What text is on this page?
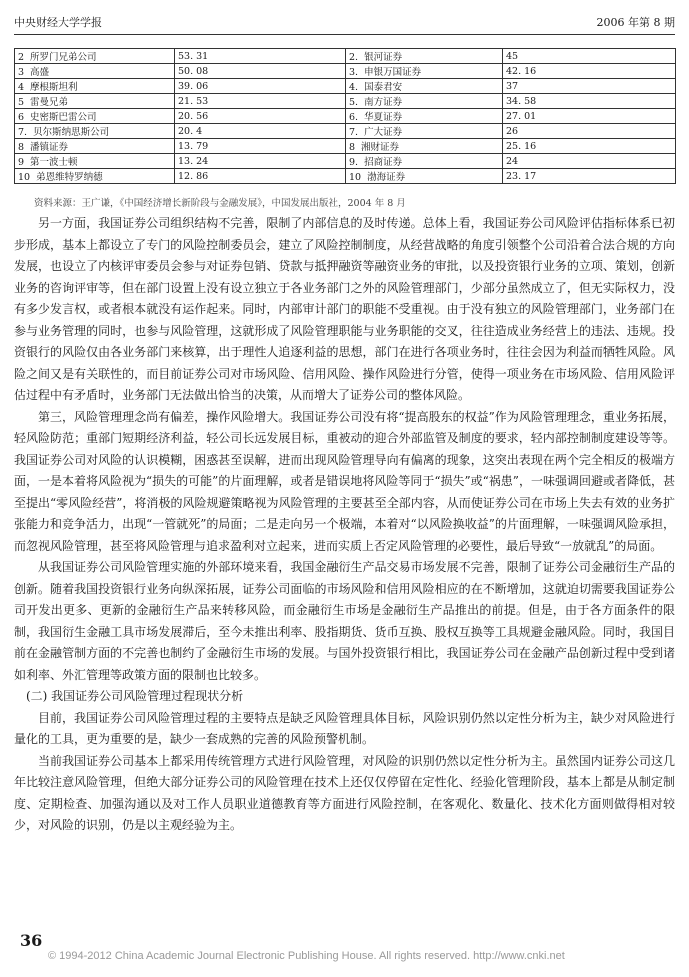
中央财经大学学报	2006 年第 8 期
2 所罗门兄弟公司	53. 31	2. 银河证券	45
3 高盛	50. 08	3. 申银万国证券	42. 16
4 摩根斯坦利	39. 06	4. 国泰君安	37
5 雷曼兄弟	21. 53	5. 南方证券	34. 58
6 史密斯巴雷公司	20. 56	6. 华夏证券	27. 01
7. 贝尔斯纳思斯公司	20. 4	7. 广大证券	26
8 潘镇证券	13. 79	8 湘财证券	25. 16
9 第一波士顿	13. 24	9. 招商证券	24
10 弟恩维特罗纳德	12. 86	10 渤海证券	23. 17
资料来源：王广谦，《中国经济增长新阶段与金融发展》，中国发展出版社，2004 年 8 月

另一方面，我国证券公司组织结构不完善，限制了内部信息的及时传递。总体上看，我国证券公司风险评估指标体系已初步形成，基本上都设立了专门的风险控制委员会，建立了风险控制制度，从经营战略的角度引领整个公司沿着合法合规的方向发展，也设立了内核评审委员会参与对证券包销、贷款与抵押融资等融资业务的审批，以及投资银行业务的立项、策划，创新业务的咨询评审等，但在部门设置上没有设立独立于各业务部门之外的风险管理部门，少部分虽然成立了，但无实际权力，没有多少发言权，或者根本就没有运作起来。同时，内部审计部门的职能不受重视。由于没有独立的风险管理部门，业务部门在参与业务管理的同时，也参与风险管理，这就形成了风险管理职能与业务职能的交叉，往往造成业务经营上的违法、违规。投资银行的风险仅由各业务部门来核算，出于理性人追逐利益的思想，部门在进行各项业务时，往往会因为利益而牺牲风险。风险之间又是有关联性的，而目前证券公司对市场风险、信用风险、操作风险进行分管，使得一项业务在市场风险、信用风险评估过程中有矛盾时，业务部门无法做出恰当的决策，从而增大了证券公司的整体风险。

第三，风险管理理念尚有偏差，操作风险增大。我国证券公司没有将“提高股东的权益”作为风险管理理念，重业务拓展，轻风险防范；重部门短期经济利益，轻公司长远发展目标，重被动的迎合外部监管及制度的要求，轻内部控制制度建设等等。我国证券公司对风险的认识模糊，困惑甚至误解，进而出现风险管理导向有偏离的现象，这突出表现在两个完全相反的极端方面，一是本着将风险视为“损失的可能”的片面理解，或者是错误地将风险等同于“损失”或“祸患”，一味强调回避或者降低，甚至提出“零风险经营”，将消极的风险规避策略视为风险管理的主要甚至全部内容，从而使证券公司在市场上失去有效的业务扩张能力和竞争活力，出现“一管就死”的局面；二是走向另一个极端，本着对“以风险换收益”的片面理解，一味强调风险承担，而忽视风险管理，甚至将风险管理与追求盈利对立起来，进而实质上否定风险管理的必要性，最后导致“一放就乱”的局面。

从我国证券公司风险管理实施的外部环境来看，我国金融衍生产品交易市场发展不完善，限制了证券公司金融衍生产品的创新。随着我国投资银行业务向纵深拓展，证券公司面临的市场风险和信用风险相应的在不断增加，这就迫切需要我国证券公司开发出更多、更新的金融衍生产品来转移风险，而金融衍生市场是金融衍生产品推出的前提。但是，由于各方面条件的限制，我国衍生金融工具市场发展滞后，至今未推出利率、股指期货、货币互换、股权互换等工具规避金融风险。同时，我国目前在金融管制方面的不完善也制约了金融衍生市场的发展。与国外投资银行相比，我国证券公司在金融产品创新过程中受到诸如利率、外汇管理等政策方面的限制也比较多。

(二) 我国证券公司风险管理过程现状分析

目前，我国证券公司风险管理过程的主要特点是缺乏风险管理具体目标，风险识别仍然以定性分析为主，缺少对风险进行量化的工具，更为重要的是，缺少一套成熟的完善的风险预警机制。

当前我国证券公司基本上都采用传统管理方式进行风险管理，对风险的识别仍然以定性分析为主。虽然国内证券公司这几年比较注意风险管理，但绝大部分证券公司的风险管理在技术上还仅仅停留在定性化、经验化管理阶段，基本上都是从制定制度、定期检查、加强沟通以及对工作人员职业道德教育等方面进行风险控制，在客观化、数量化、技术化方面则做得相对较少，对风险的识别，仍是以主观经验为主。

36
© 1994-2012 China Academic Journal Electronic Publishing House. All rights reserved. http://www.cnki.net
